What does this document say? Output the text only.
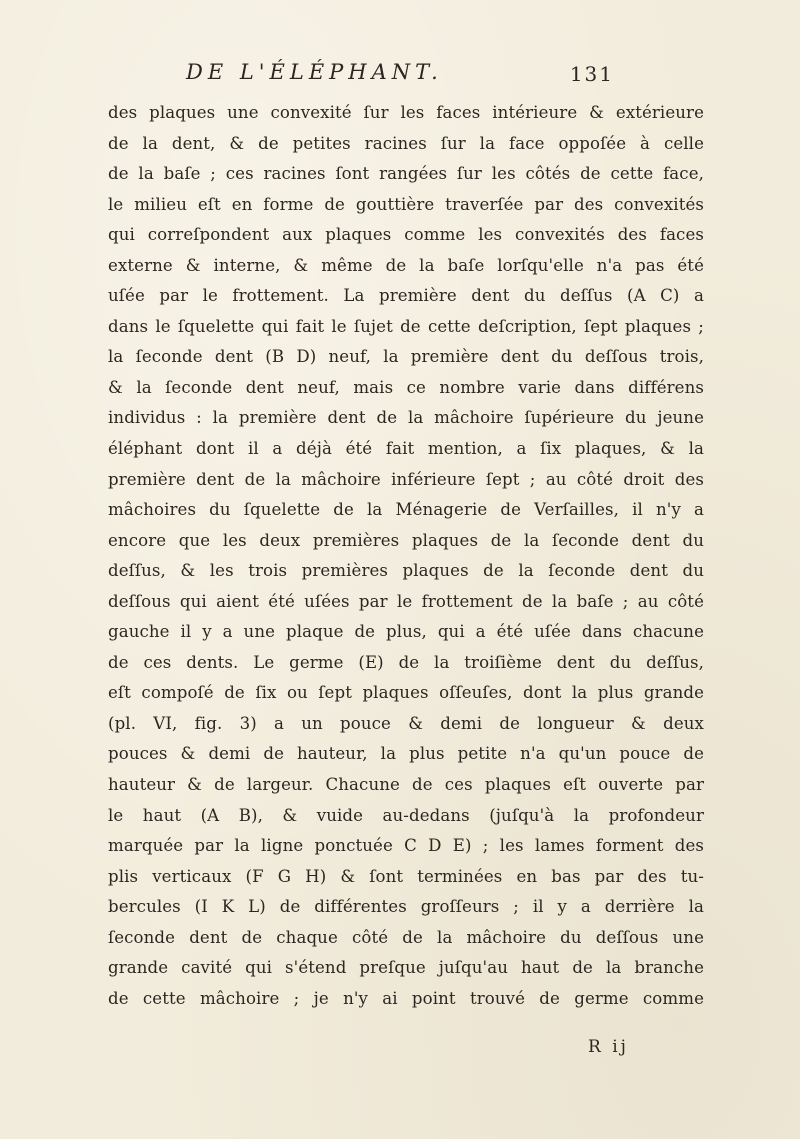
DE L'ÉLÉPHANT.	131
des plaques une convexité ſur les faces intérieure & extérieure
de la dent, & de petites racines ſur la face oppoſée à celle
de la baſe ; ces racines ſont rangées ſur les côtés de cette face,
le milieu eſt en forme de gouttière traverſée par des convexités
qui correſpondent aux plaques comme les convexités des faces
externe & interne, & même de la baſe lorſqu'elle n'a pas été
uſée par le frottement. La première dent du deſſus (A C) a
dans le ſquelette qui fait le ſujet de cette deſcription, ſept plaques ;
la ſeconde dent (B D) neuf, la première dent du deſſous trois,
& la ſeconde dent neuf, mais ce nombre varie dans différens
individus : la première dent de la mâchoire ſupérieure du jeune
éléphant dont il a déjà été fait mention, a ſix plaques, & la
première dent de la mâchoire inférieure ſept ; au côté droit des
mâchoires du ſquelette de la Ménagerie de Verſailles, il n'y a
encore que les deux premières plaques de la ſeconde dent du
deſſus, & les trois premières plaques de la ſeconde dent du
deſſous qui aient été uſées par le frottement de la baſe ; au côté
gauche il y a une plaque de plus, qui a été uſée dans chacune
de ces dents. Le germe (E) de la troiſième dent du deſſus,
eſt compoſé de ſix ou ſept plaques oſſeuſes, dont la plus grande
(pl. VI, fig. 3) a un pouce & demi de longueur & deux
pouces & demi de hauteur, la plus petite n'a qu'un pouce de
hauteur & de largeur. Chacune de ces plaques eſt ouverte par
le haut (A B), & vuide au-dedans (juſqu'à la profondeur
marquée par la ligne ponctuée C D E) ; les lames forment des
plis verticaux (F G H) & ſont terminées en bas par des tu-
bercules (I K L) de différentes groſſeurs ; il y a derrière la
ſeconde dent de chaque côté de la mâchoire du deſſous une
grande cavité qui s'étend preſque juſqu'au haut de la branche
de cette mâchoire ; je n'y ai point trouvé de germe comme
R ij
